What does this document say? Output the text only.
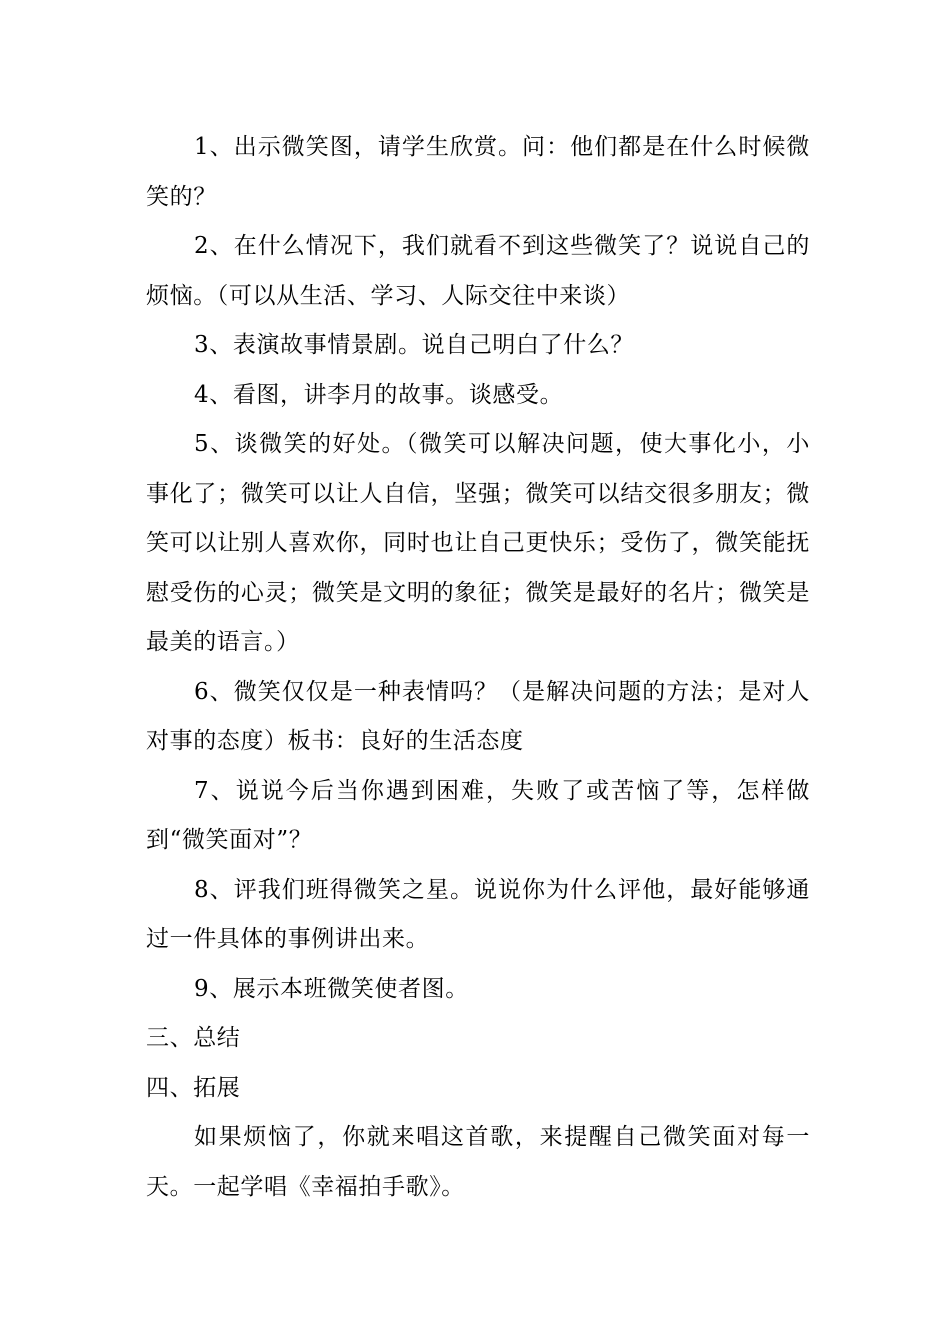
1、出示微笑图，请学生欣赏。问：他们都是在什么时候微笑的？

2、在什么情况下，我们就看不到这些微笑了？说说自己的烦恼。（可以从生活、学习、人际交往中来谈）

3、表演故事情景剧。说自己明白了什么？

4、看图，讲李月的故事。谈感受。

5、谈微笑的好处。（微笑可以解决问题，使大事化小，小事化了；微笑可以让人自信，坚强；微笑可以结交很多朋友；微笑可以让别人喜欢你，同时也让自己更快乐；受伤了，微笑能抚慰受伤的心灵；微笑是文明的象征；微笑是最好的名片；微笑是最美的语言。）

6、微笑仅仅是一种表情吗？（是解决问题的方法；是对人对事的态度）板书：良好的生活态度

7、说说今后当你遇到困难，失败了或苦恼了等，怎样做到“微笑面对”？

8、评我们班得微笑之星。说说你为什么评他，最好能够通过一件具体的事例讲出来。

9、展示本班微笑使者图。

三、总结

四、拓展

如果烦恼了，你就来唱这首歌，来提醒自己微笑面对每一天。一起学唱《幸福拍手歌》。
